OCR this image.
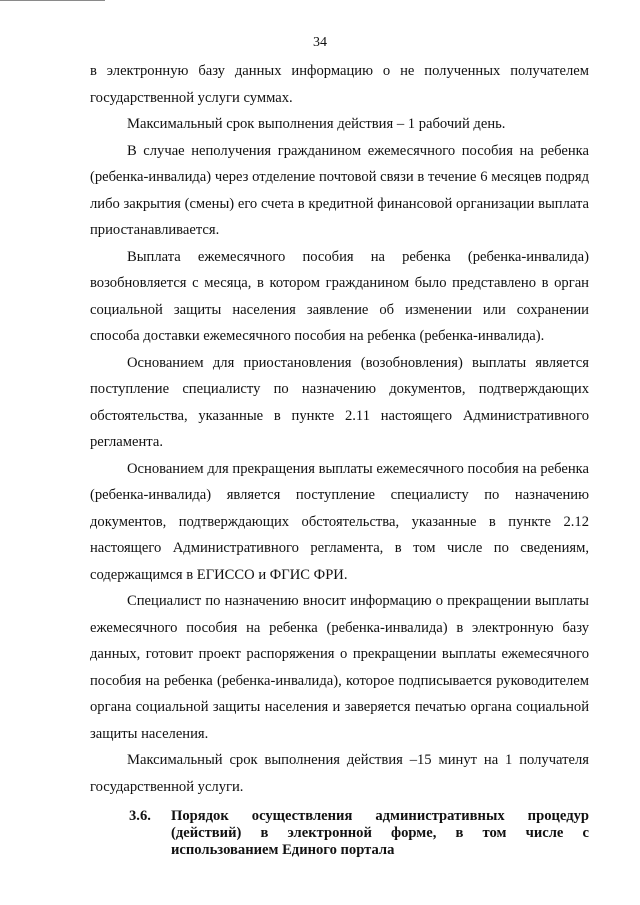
34

в электронную базу данных информацию о не полученных получателем государственной услуги суммах.

Максимальный срок выполнения действия – 1 рабочий день.

В случае неполучения гражданином ежемесячного пособия на ребенка (ребенка-инвалида) через отделение почтовой связи в течение 6 месяцев подряд либо закрытия (смены) его счета в кредитной финансовой организации выплата приостанавливается.

Выплата ежемесячного пособия на ребенка (ребенка-инвалида) возобновляется с месяца, в котором гражданином было представлено в орган социальной защиты населения заявление об изменении или сохранении способа доставки ежемесячного пособия на ребенка (ребенка-инвалида).

Основанием для приостановления (возобновления) выплаты является поступление специалисту по назначению документов, подтверждающих обстоятельства, указанные в пункте 2.11 настоящего Административного регламента.

Основанием для прекращения выплаты ежемесячного пособия на ребенка (ребенка-инвалида) является поступление специалисту по назначению документов, подтверждающих обстоятельства, указанные в пункте 2.12 настоящего Административного регламента, в том числе по сведениям, содержащимся в ЕГИССО и ФГИС ФРИ.

Специалист по назначению вносит информацию о прекращении выплаты ежемесячного пособия на ребенка (ребенка-инвалида) в электронную базу данных, готовит проект распоряжения о прекращении выплаты ежемесячного пособия на ребенка (ребенка-инвалида), которое подписывается руководителем органа социальной защиты населения и заверяется печатью органа социальной защиты населения.

Максимальный срок выполнения действия –15 минут на 1 получателя государственной услуги.

3.6. Порядок осуществления административных процедур (действий) в электронной форме, в том числе с использованием Единого портала
